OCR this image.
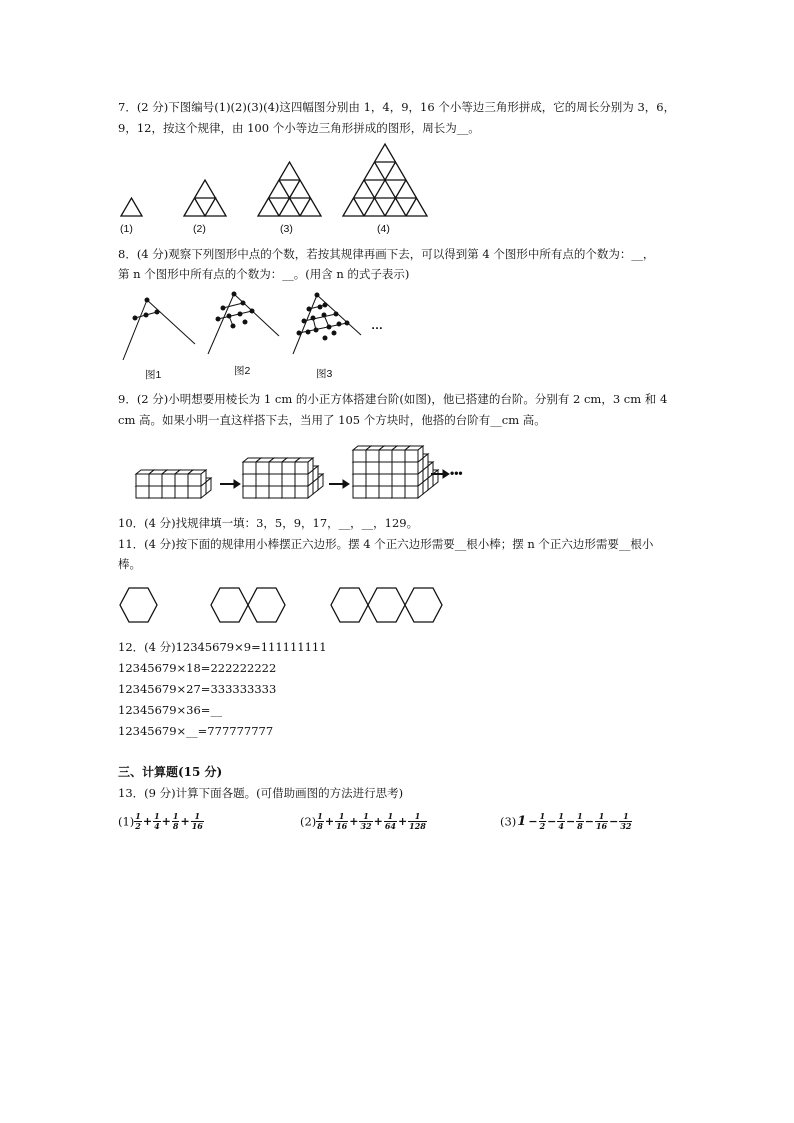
7．(2 分)下图编号(1)(2)(3)(4)这四幅图分别由 1，4，9，16 个小等边三角形拼成，它的周长分别为 3，6，
9，12，按这个规律，由 100 个小等边三角形拼成的图形，周长为__。
(1)	(2)	(3)	(4)
8．(4 分)观察下列图形中点的个数，若按其规律再画下去，可以得到第 4 个图形中所有点的个数为：__，
第 n 个图形中所有点的个数为：__。(用含 n 的式子表示)
…
图1	图2	图3
9．(2 分)小明想要用棱长为 1 cm 的小正方体搭建台阶(如图)，他已搭建的台阶。分别有 2 cm，3 cm 和 4
cm 高。如果小明一直这样搭下去，当用了 105 个方块时，他搭的台阶有__cm 高。
•••
10．(4 分)找规律填一填：3，5，9，17，__，__，129。
11．(4 分)按下面的规律用小棒摆正六边形。摆 4 个正六边形需要__根小棒；摆 n 个正六边形需要__根小
棒。
12．(4 分)12345679×9=111111111
12345679×18=222222222
12345679×27=333333333
12345679×36=__
12345679×__=777777777
三、计算题(15 分)
13．(9 分)计算下面各题。(可借助画图的方法进行思考)
$(1) \frac{1}{2} + \frac{1}{4} + \frac{1}{8} + \frac{1}{16}$	$(2) \frac{1}{8} + \frac{1}{16} + \frac{1}{32} + \frac{1}{64} + \frac{1}{128}$	$(3)1 - \frac{1}{2} - \frac{1}{4} - \frac{1}{8} - \frac{1}{16} - \frac{1}{32}$
